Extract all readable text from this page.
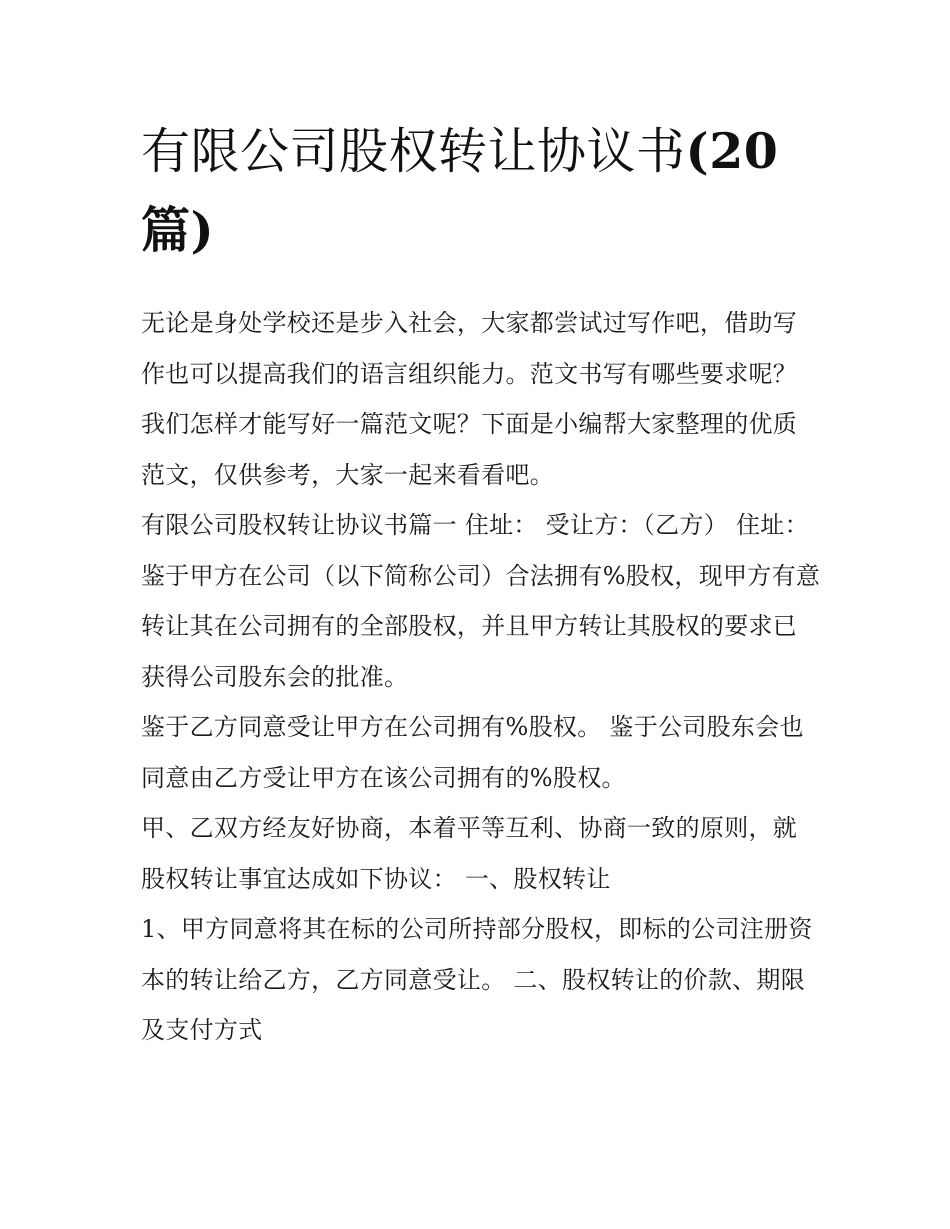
有限公司股权转让协议书(20
篇)

无论是身处学校还是步入社会，大家都尝试过写作吧，借助写作也可以提高我们的语言组织能力。范文书写有哪些要求呢？我们怎样才能写好一篇范文呢？下面是小编帮大家整理的优质范文，仅供参考，大家一起来看看吧。

有限公司股权转让协议书篇一 住址： 受让方：（乙方） 住址：

鉴于甲方在公司（以下简称公司）合法拥有%股权，现甲方有意转让其在公司拥有的全部股权，并且甲方转让其股权的要求已获得公司股东会的批准。

鉴于乙方同意受让甲方在公司拥有%股权。 鉴于公司股东会也同意由乙方受让甲方在该公司拥有的%股权。

甲、乙双方经友好协商，本着平等互利、协商一致的原则，就股权转让事宜达成如下协议： 一、股权转让

1、甲方同意将其在标的公司所持部分股权，即标的公司注册资本的转让给乙方，乙方同意受让。 二、股权转让的价款、期限及支付方式
